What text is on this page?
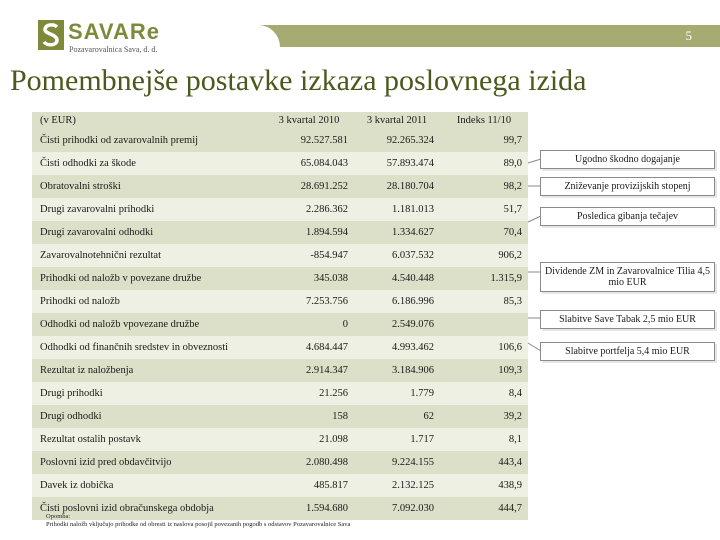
5
SAVARe
Pozavarovalnica Sava, d. d.
Pomembnejše postavke izkaza poslovnega izida
(v EUR)	3 kvartal 2010	3 kvartal 2011	Indeks 11/10
Čisti prihodki od zavarovalnih premij	92.527.581	92.265.324	99,7
Čisti odhodki za škode	65.084.043	57.893.474	89,0
Obratovalni stroški	28.691.252	28.180.704	98,2
Drugi zavarovalni prihodki	2.286.362	1.181.013	51,7
Drugi zavarovalni odhodki	1.894.594	1.334.627	70,4
Zavarovalnotehnični rezultat	-854.947	6.037.532	906,2
Prihodki od naložb v povezane družbe	345.038	4.540.448	1.315,9
Prihodki od naložb	7.253.756	6.186.996	85,3
Odhodki od naložb vpovezane družbe	0	2.549.076	
Odhodki od finančnih sredstev in obveznosti	4.684.447	4.993.462	106,6
Rezultat iz naložbenja	2.914.347	3.184.906	109,3
Drugi prihodki	21.256	1.779	8,4
Drugi odhodki	158	62	39,2
Rezultat ostalih postavk	21.098	1.717	8,1
Poslovni izid pred obdavčitvijo	2.080.498	9.224.155	443,4
Davek iz dobička	485.817	2.132.125	438,9
Čisti poslovni izid obračunskega obdobja	1.594.680	7.092.030	444,7
Opomba:
Prihodki naložb vključujo prihodke od obresti iz naslova posojil povezanih pogodb s odstavov Pozavarovalnice Sava
Ugodno škodno dogajanje
Zniževanje provizijskih stopenj
Posledica gibanja tečajev
Dividende ZM in Zavarovalnice Tilia 4,5 mio EUR
Slabitve Save Tabak 2,5 mio EUR
Slabitve portfelja 5,4 mio EUR
